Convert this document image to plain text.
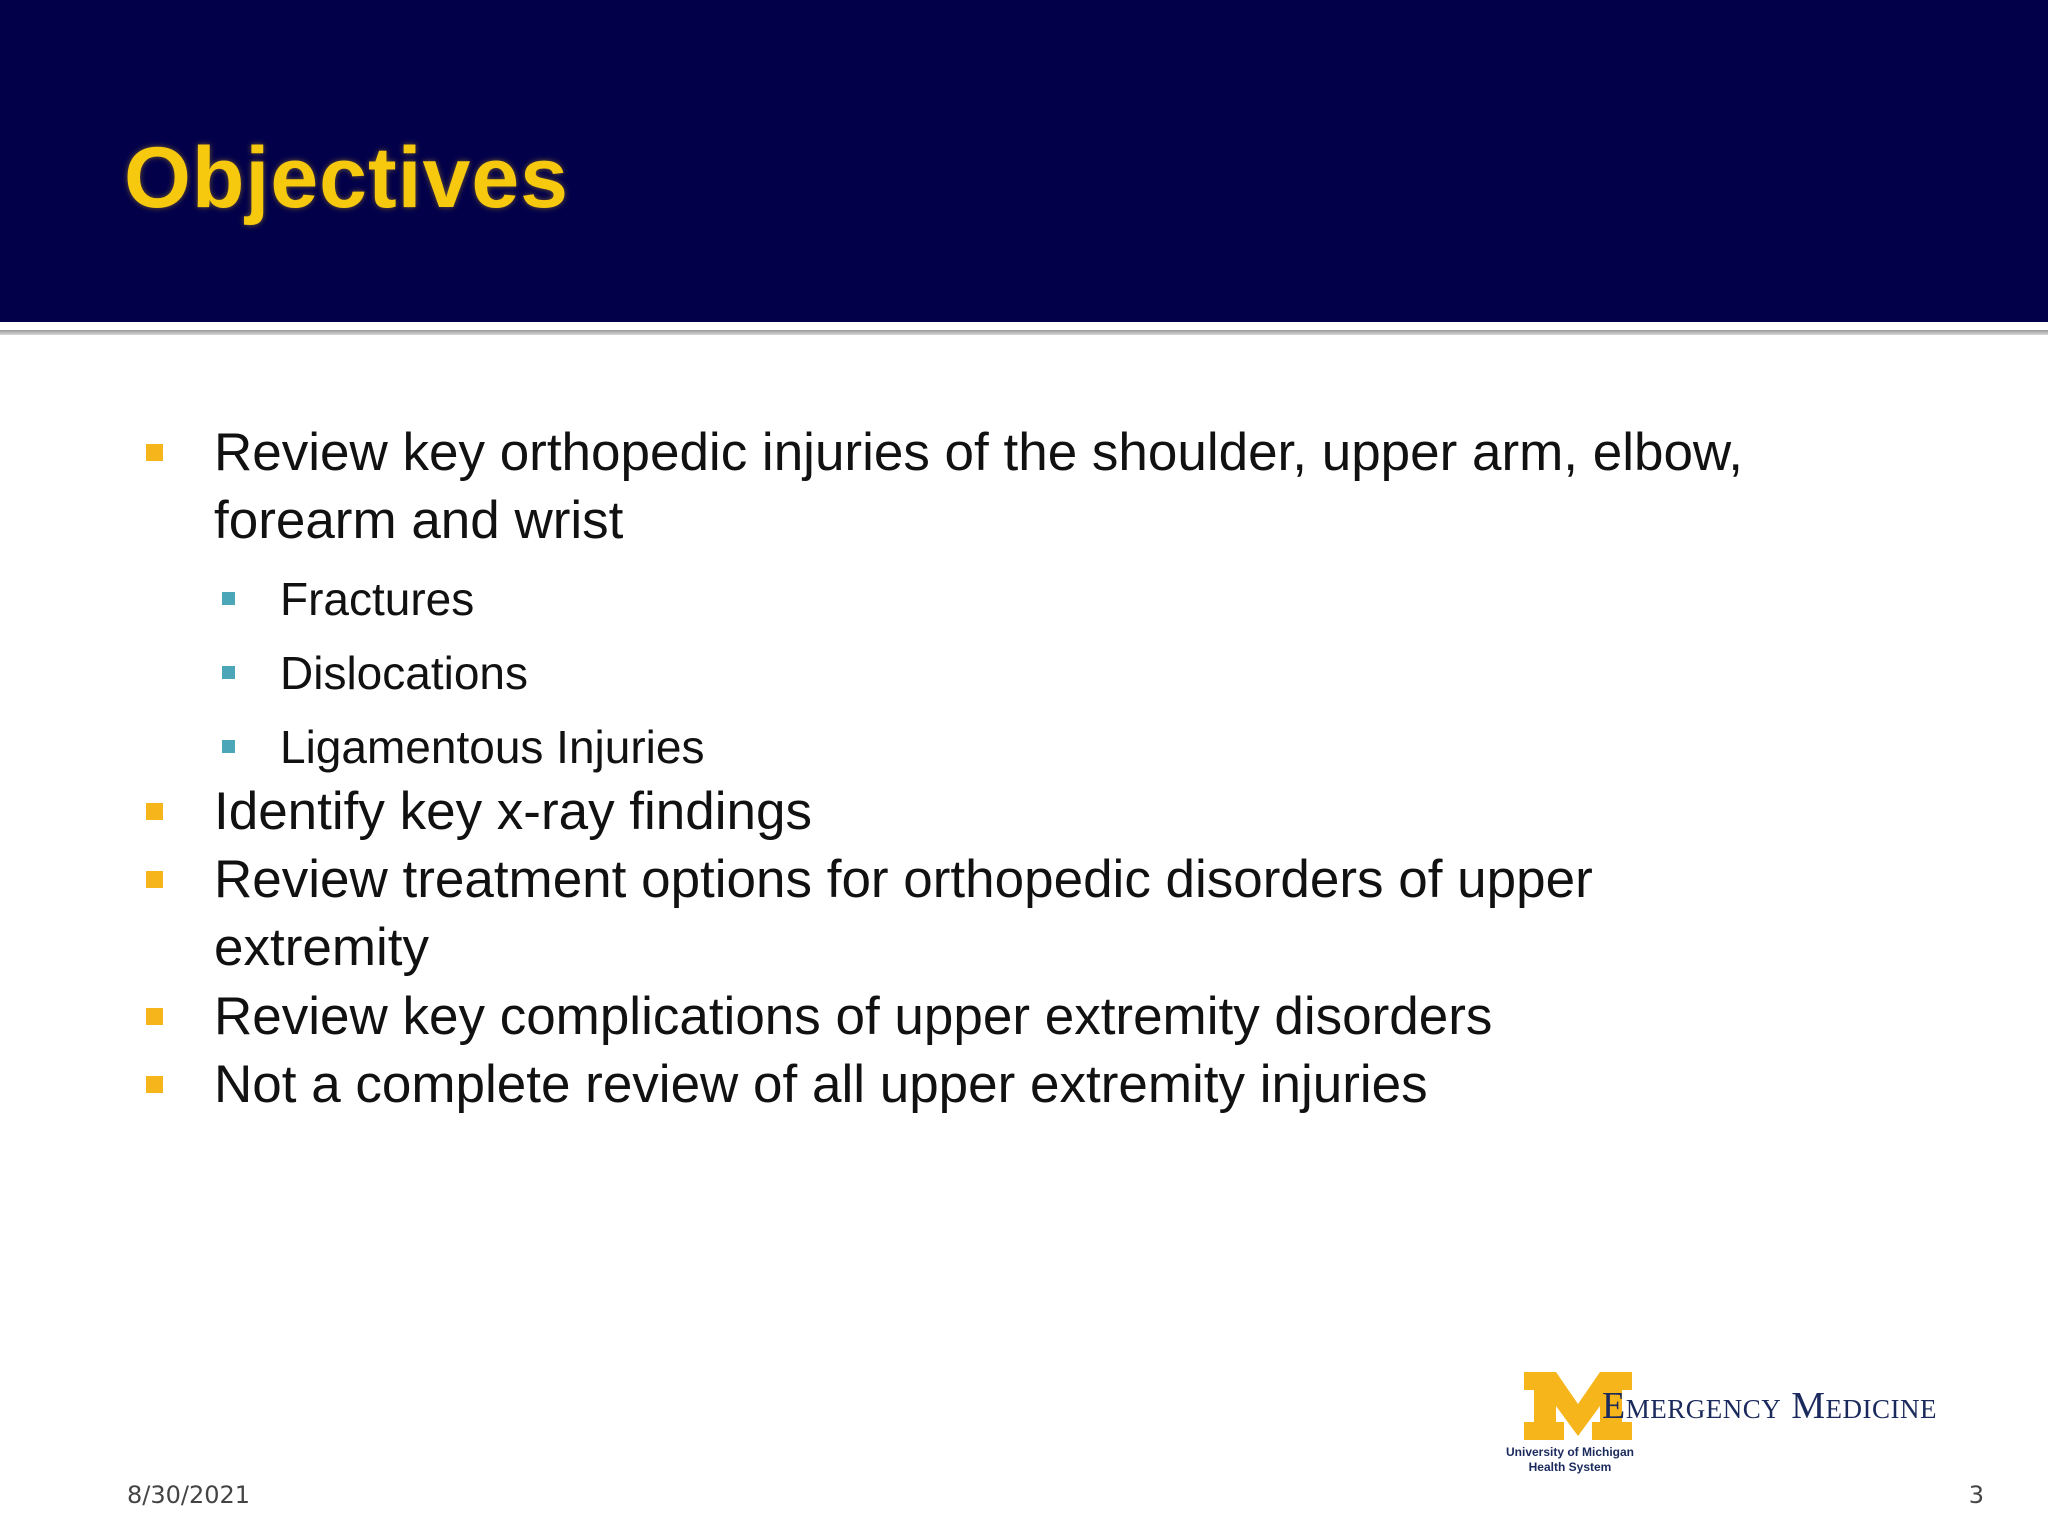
Objectives
Review key orthopedic injuries of the shoulder, upper arm, elbow, forearm and wrist
Fractures
Dislocations
Ligamentous Injuries
Identify key x-ray findings
Review treatment options for orthopedic disorders of upper extremity
Review key complications of upper extremity disorders
Not a complete review of all upper extremity injuries
Emergency Medicine
University of Michigan Health System
8/30/2021	3
